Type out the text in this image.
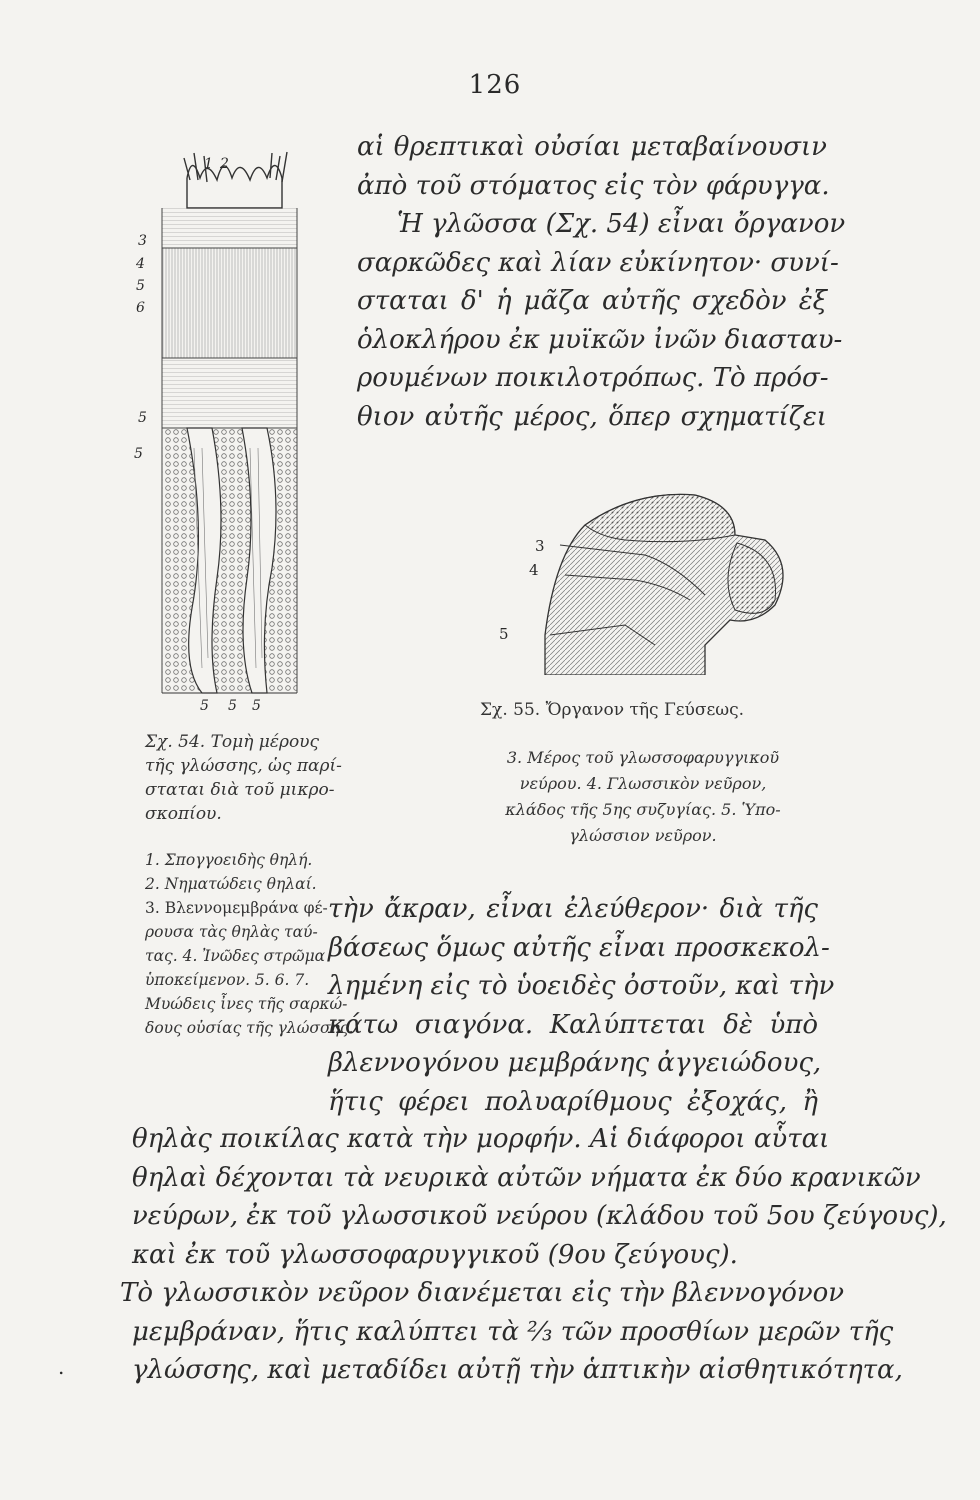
126
αἱ θρεπτικαὶ οὐσίαι μεταβαίνουσιν
ἀπὸ τοῦ στόματος εἰς τὸν φάρυγγα.
Ἡ γλῶσσα (Σχ. 54) εἶναι ὄργανον
σαρκῶδες καὶ λίαν εὐκίνητον· συνί-
σταται δ' ἡ μᾶζα αὐτῆς σχεδὸν ἐξ
ὁλοκλήρου ἐκ μυϊκῶν ἰνῶν διασταυ-
ρουμένων ποικιλοτρόπως. Τὸ πρόσ-
θιον αὐτῆς μέρος, ὅπερ σχηματίζει
1 2
3
4
5
6
5
5
5 5 5
Σχ. 54. Τομὴ μέρους
τῆς γλώσσης, ὡς παρί-
σταται διὰ τοῦ μικρο-
σκοπίου.
1. Σπογγοειδὴς θηλή.
2. Νηματώδεις θηλαί.
3. Βλεννομεμβράνα φέ-
ρουσα τὰς θηλὰς ταύ-
τας. 4. Ἰνῶδες στρῶμα
ὑποκείμενον. 5. 6. 7.
Μυώδεις ἶνες τῆς σαρκώ-
δους οὐσίας τῆς γλώσσης.
3
4
5
Σχ. 55. Ὄργανον τῆς Γεύσεως.
3. Μέρος τοῦ γλωσσοφαρυγγικοῦ
νεύρου. 4. Γλωσσικὸν νεῦρον,
κλάδος τῆς 5ης συζυγίας. 5. Ὑπο-
γλώσσιον νεῦρον.
τὴν ἄκραν, εἶναι ἐλεύθερον· διὰ τῆς
βάσεως ὅμως αὐτῆς εἶναι προσκεκολ-
λημένη εἰς τὸ ὑοειδὲς ὀστοῦν, καὶ τὴν
κάτω σιαγόνα. Καλύπτεται δὲ ὑπὸ
βλεννογόνου μεμβράνης ἀγγειώδους,
ἥτις φέρει πολυαρίθμους ἐξοχάς, ἢ
θηλὰς ποικίλας κατὰ τὴν μορφήν. Αἱ διάφοροι αὗται
θηλαὶ δέχονται τὰ νευρικὰ αὐτῶν νήματα ἐκ δύο κρανικῶν
νεύρων, ἐκ τοῦ γλωσσικοῦ νεύρου (κλάδου τοῦ 5ου ζεύγους),
καὶ ἐκ τοῦ γλωσσοφαρυγγικοῦ (9ου ζεύγους).
Τὸ γλωσσικὸν νεῦρον διανέμεται εἰς τὴν βλεννογόνον
μεμβράναν, ἥτις καλύπτει τὰ ⅔ τῶν προσθίων μερῶν τῆς
γλώσσης, καὶ μεταδίδει αὐτῇ τὴν ἁπτικὴν αἰσθητικότητα,
.
